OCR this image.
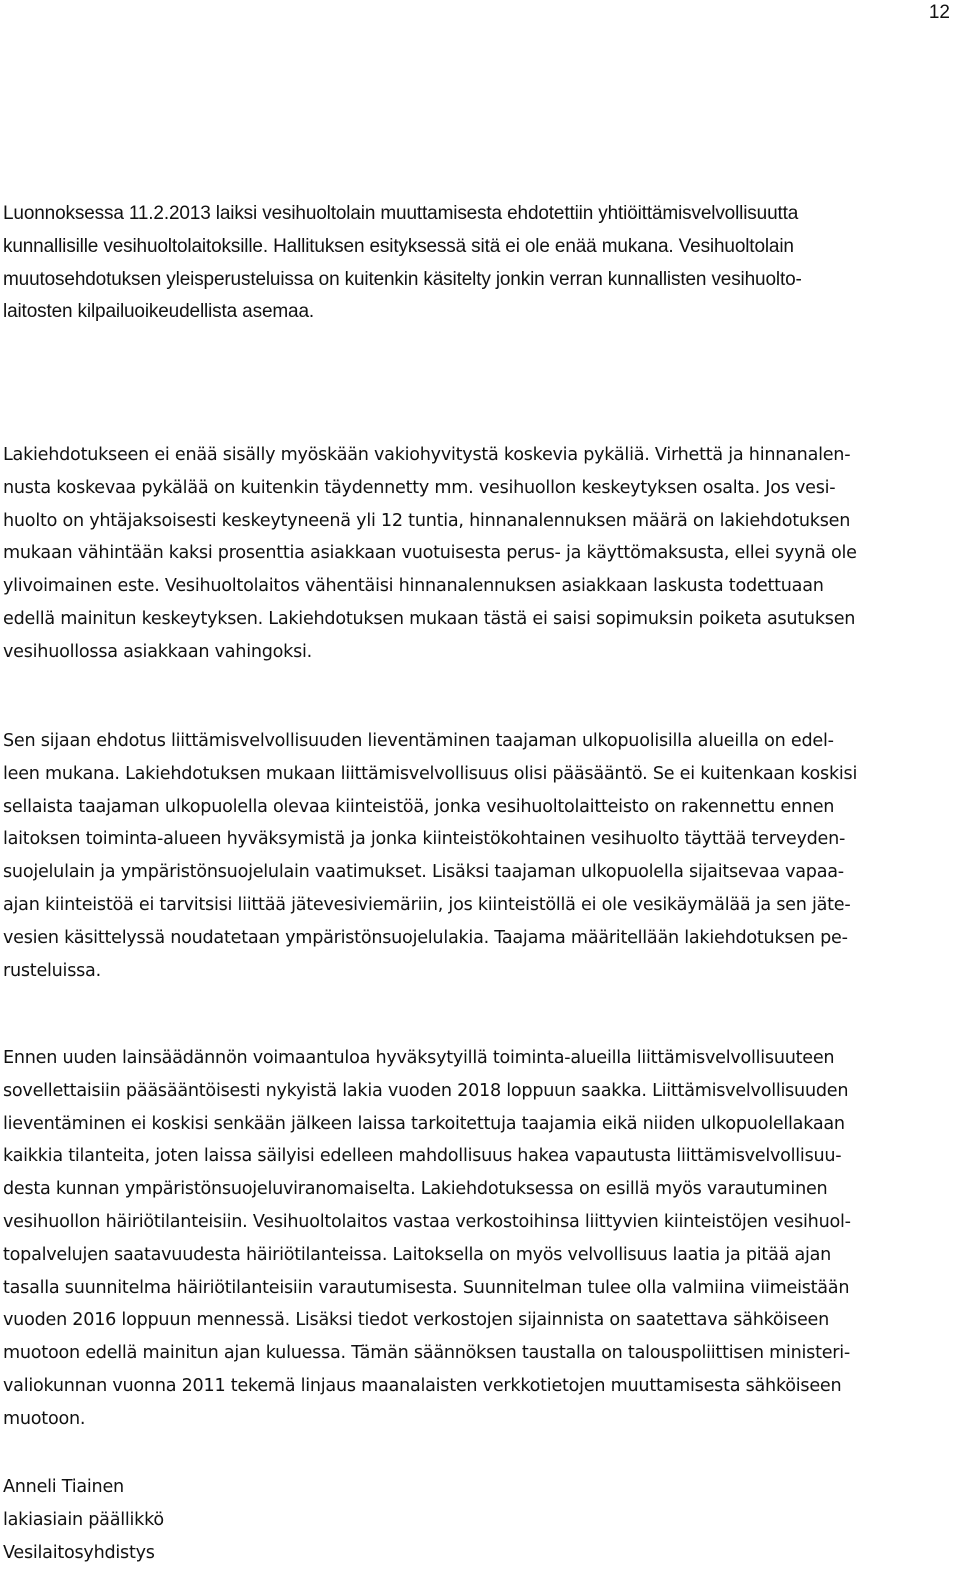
12
Luonnoksessa 11.2.2013 laiksi vesihuoltolain muuttamisesta ehdotettiin yhtiöittämisvelvollisuutta
kunnallisille vesihuoltolaitoksille. Hallituksen esityksessä sitä ei ole enää mukana. Vesihuoltolain
muutosehdotuksen yleisperusteluissa on kuitenkin käsitelty jonkin verran kunnallisten vesihuolto-
laitosten kilpailuoikeudellista asemaa.
Lakiehdotukseen ei enää sisälly myöskään vakiohyvitystä koskevia pykäliä. Virhettä ja hinnanalen-
nusta koskevaa pykälää on kuitenkin täydennetty mm. vesihuollon keskeytyksen osalta. Jos vesi-
huolto on yhtäjaksoisesti keskeytyneenä yli 12 tuntia, hinnanalennuksen määrä on lakiehdotuksen
mukaan vähintään kaksi prosenttia asiakkaan vuotuisesta perus- ja käyttömaksusta, ellei syynä ole
ylivoimainen este. Vesihuoltolaitos vähentäisi hinnanalennuksen asiakkaan laskusta todettuaan
edellä mainitun keskeytyksen. Lakiehdotuksen mukaan tästä ei saisi sopimuksin poiketa asutuksen
vesihuollossa asiakkaan vahingoksi.
Sen sijaan ehdotus liittämisvelvollisuuden lieventäminen taajaman ulkopuolisilla alueilla on edel-
leen mukana. Lakiehdotuksen mukaan liittämisvelvollisuus olisi pääsääntö. Se ei kuitenkaan koskisi
sellaista taajaman ulkopuolella olevaa kiinteistöä, jonka vesihuoltolaitteisto on rakennettu ennen
laitoksen toiminta-alueen hyväksymistä ja jonka kiinteistökohtainen vesihuolto täyttää terveyden-
suojelulain ja ympäristönsuojelulain vaatimukset. Lisäksi taajaman ulkopuolella sijaitsevaa vapaa-
ajan kiinteistöä ei tarvitsisi liittää jätevesiviemäriin, jos kiinteistöllä ei ole vesikäymälää ja sen jäte-
vesien käsittelyssä noudatetaan ympäristönsuojelulakia. Taajama määritellään lakiehdotuksen pe-
rusteluissa.
Ennen uuden lainsäädännön voimaantuloa hyväksytyillä toiminta-alueilla liittämisvelvollisuuteen
sovellettaisiin pääsääntöisesti nykyistä lakia vuoden 2018 loppuun saakka. Liittämisvelvollisuuden
lieventäminen ei koskisi senkään jälkeen laissa tarkoitettuja taajamia eikä niiden ulkopuolellakaan
kaikkia tilanteita, joten laissa säilyisi edelleen mahdollisuus hakea vapautusta liittämisvelvollisuu-
desta kunnan ympäristönsuojeluviranomaiselta. Lakiehdotuksessa on esillä myös varautuminen
vesihuollon häiriötilanteisiin. Vesihuoltolaitos vastaa verkostoihinsa liittyvien kiinteistöjen vesihuol-
topalvelujen saatavuudesta häiriötilanteissa. Laitoksella on myös velvollisuus laatia ja pitää ajan
tasalla suunnitelma häiriötilanteisiin varautumisesta. Suunnitelman tulee olla valmiina viimeistään
vuoden 2016 loppuun mennessä. Lisäksi tiedot verkostojen sijainnista on saatettava sähköiseen
muotoon edellä mainitun ajan kuluessa. Tämän säännöksen taustalla on talouspoliittisen ministeri-
valiokunnan vuonna 2011 tekemä linjaus maanalaisten verkkotietojen muuttamisesta sähköiseen
muotoon.
Anneli Tiainen
lakiasiain päällikkö
Vesilaitosyhdistys
